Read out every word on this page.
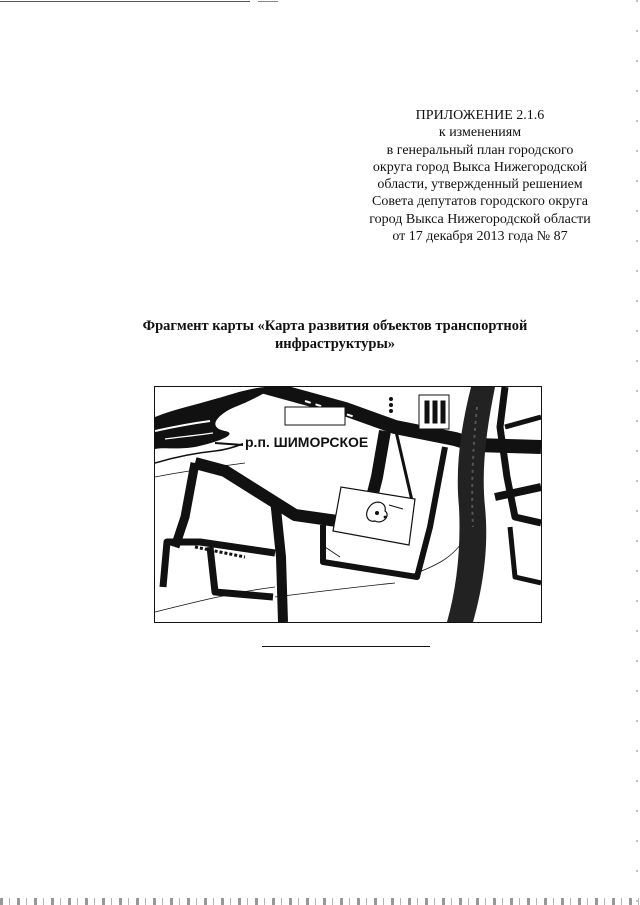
ПРИЛОЖЕНИЕ 2.1.6
к изменениям
в генеральный план городского
округа город Выкса Нижегородской
области, утвержденный решением
Совета депутатов городского округа
город Выкса Нижегородской области
от 17 декабря 2013 года № 87
Фрагмент карты «Карта развития объектов транспортной
инфраструктуры»
р.п. ШИМОРСКОЕ
